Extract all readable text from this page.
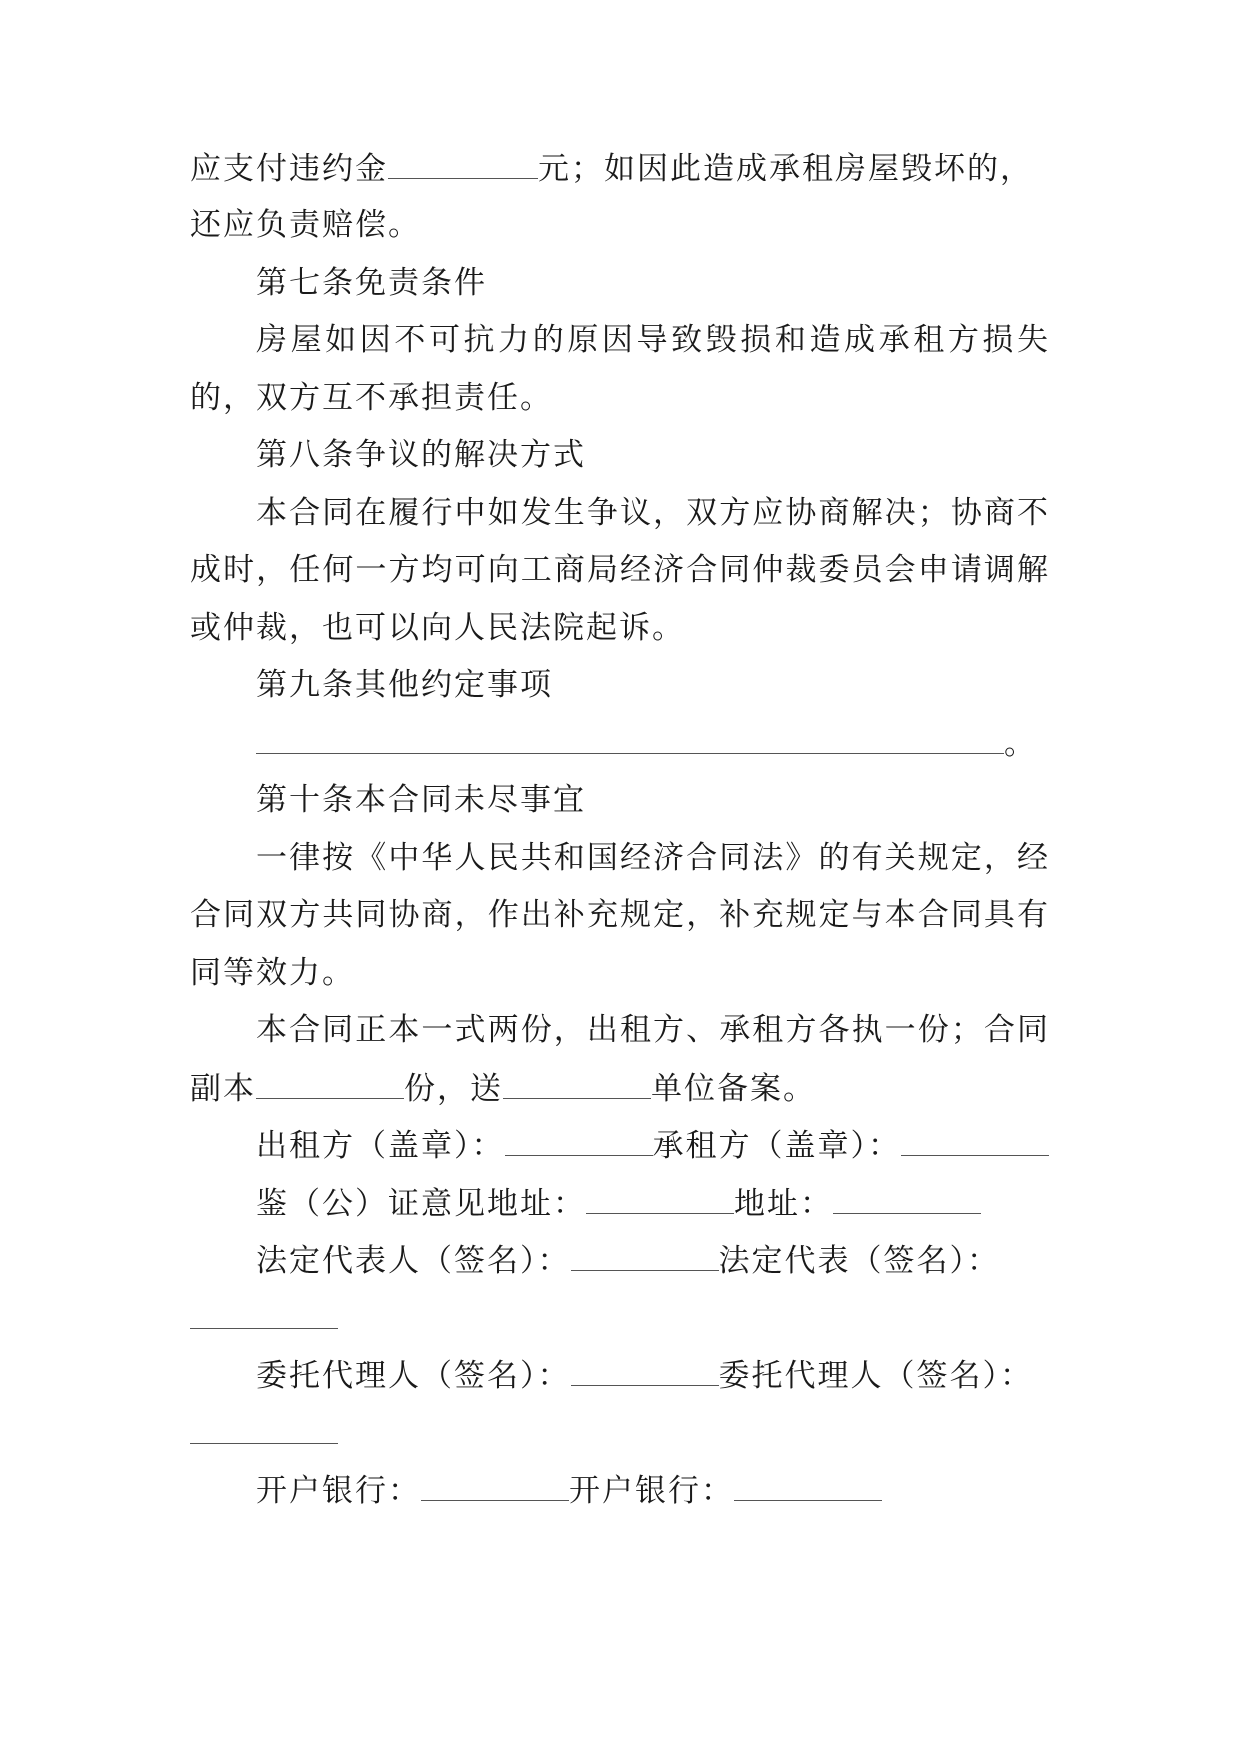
应支付违约金	元；如因此造成承租房屋毁坏的，
还应负责赔偿。
第七条免责条件
房屋如因不可抗力的原因导致毁损和造成承租方损失
的，双方互不承担责任。
第八条争议的解决方式
本合同在履行中如发生争议，双方应协商解决；协商不
成时，任何一方均可向工商局经济合同仲裁委员会申请调解
或仲裁，也可以向人民法院起诉。
第九条其他约定事项
。
第十条本合同未尽事宜
一律按《中华人民共和国经济合同法》的有关规定，经
合同双方共同协商，作出补充规定，补充规定与本合同具有
同等效力。
本合同正本一式两份，出租方、承租方各执一份；合同
副本	份，送	单位备案。
出租方（盖章）：	承租方（盖章）：
鉴（公）证意见地址：	地址：
法定代表人（签名）：	法定代表（签名）：
委托代理人（签名）：	委托代理人（签名）：
开户银行：	开户银行：
